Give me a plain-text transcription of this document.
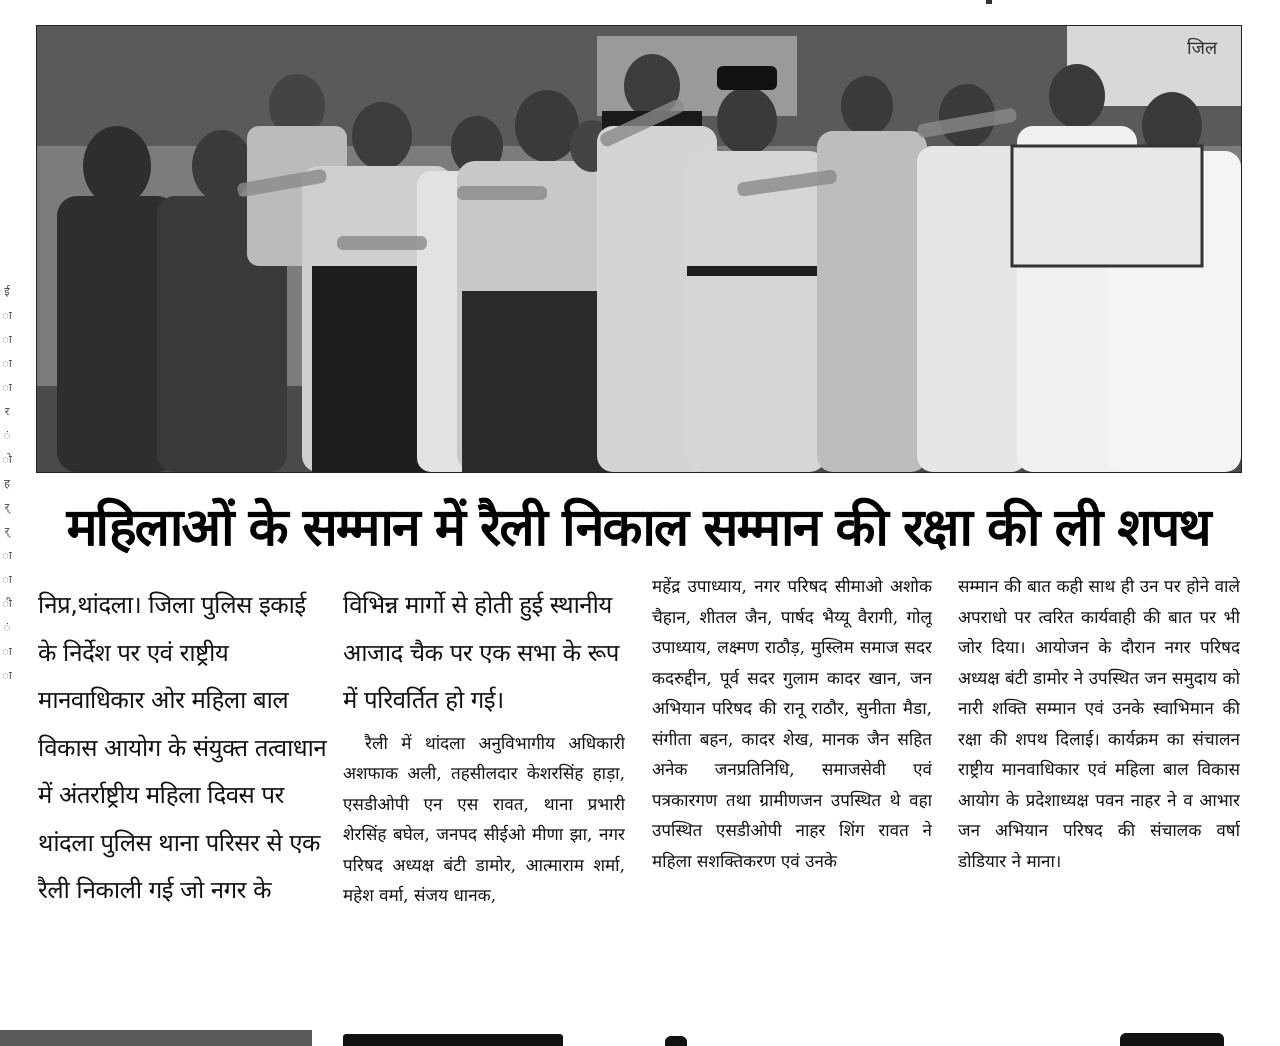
ई
ा
ा
ा
ा
र
ं
ो
ह
र्
र्
ा
ा
ी
ं
ा
ा
जिल
महिलाओं के सम्मान में रैली निकाल सम्मान की रक्षा की ली शपथ

निप्र,थांदला। जिला पुलिस इकाई के निर्देश पर एवं राष्ट्रीय मानवाधिकार ओर महिला बाल विकास आयोग के संयुक्त तत्वाधान में अंतर्राष्ट्रीय महिला दिवस पर थांदला पुलिस थाना परिसर से एक रैली निकाली गई जो नगर के

विभिन्न मार्गो से होती हुई स्थानीय आजाद चैक पर एक सभा के रूप में परिवर्तित हो गई।

रैली में थांदला अनुविभागीय अधिकारी अशफाक अली, तहसीलदार केशरसिंह हाड़ा, एसडीओपी एन एस रावत, थाना प्रभारी शेरसिंह बघेल, जनपद सीईओ मीणा झा, नगर परिषद अध्यक्ष बंटी डामोर, आत्माराम शर्मा, महेश वर्मा, संजय धानक,

महेंद्र उपाध्याय, नगर परिषद सीमाओ अशोक चैहान, शीतल जैन, पार्षद भैय्यू वैरागी, गोलू उपाध्याय, लक्ष्मण राठौड़, मुस्लिम समाज सदर कदरुद्दीन, पूर्व सदर गुलाम कादर खान, जन अभियान परिषद की रानू राठौर, सुनीता मैडा, संगीता बहन, कादर शेख, मानक जैन सहित अनेक जनप्रतिनिधि, समाजसेवी एवं पत्रकारगण तथा ग्रामीणजन उपस्थित थे वहा उपस्थित एसडीओपी नाहर शिंग रावत ने महिला सशक्तिकरण एवं उनके

सम्मान की बात कही साथ ही उन पर होने वाले अपराधो पर त्वरित कार्यवाही की बात पर भी जोर दिया। आयोजन के दौरान नगर परिषद अध्यक्ष बंटी डामोर ने उपस्थित जन समुदाय को नारी शक्ति सम्मान एवं उनके स्वाभिमान की रक्षा की शपथ दिलाई। कार्यक्रम का संचालन राष्ट्रीय मानवाधिकार एवं महिला बाल विकास आयोग के प्रदेशाध्यक्ष पवन नाहर ने व आभार जन अभियान परिषद की संचालक वर्षा डोडियार ने माना।
